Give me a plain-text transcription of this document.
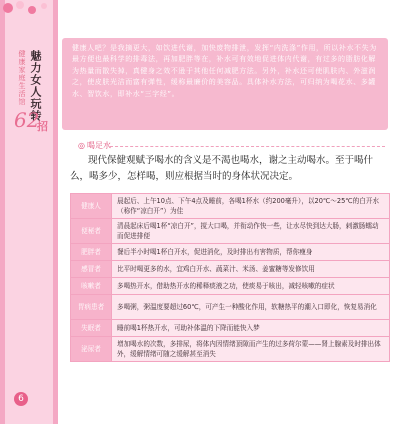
魅力女人玩转
健康家庭生活馆
62
招
6
健康人吧？是我摘更大，如饮进代谢，加快废物排泄，发挥“内洗涤”作用，所以补水不失为最方便也最科学的排毒法，再加肥胖等在，补水可有效地促进体内代谢，有过多的脂肪化解为热量而散失掉，真健身之效不逊于其他任何减肥方法。另外，补水还可使肌肤内、外滋润之，使皮肤光洁而富有弹性，缓称最廉价的美容品。具体补水方法，可归纳为喝花水、多罐水、智饮水，即补水“三字经”。
◎ 喝足水
现代保健观赋予喝水的含义是不渴也喝水，谢之主动喝水。至于喝什么，喝多少，怎样喝，则应根据当时的身体状况决定。
健康人	晨起后、上午10点、下午4点及睡前，各喝1杯水（约200毫升），以20℃～25℃的白开水（称作“凉白开”）为佳
便秘者	清晨起床后喝1杯“凉白开”，搅大口喝，并衔动作快一些，让水尽快到达大肠，刺激肠蠕动而促进排便
肥胖者	餐后半小时喝1杯白开水，促进消化，及时排出有害物质，帮你瘦身
感冒者	比平时喝更多的水，宜鸡白开水、蔬菜汁、米汤、姜蜜糖等发修饮用
咳嗽者	多喝热开水，借助热开水的稀释痰液之功，使痰易于咳出，减轻咳嗽的症状
胃病患者	多喝粥，粥温度要超过60℃，可产生一种酸化作用，软糖热平的潮入口即化，恢复易消化
失眠者	睡前喝1杯热开水，可助补体温的下降而能快入梦
泌尿者	增加喝水的次数，多排尿，将体内因情绪顶隙而产生的过多荷尔蒙——肾上腺素及时排出体外，缓解情绪可随之缓解甚至消失
